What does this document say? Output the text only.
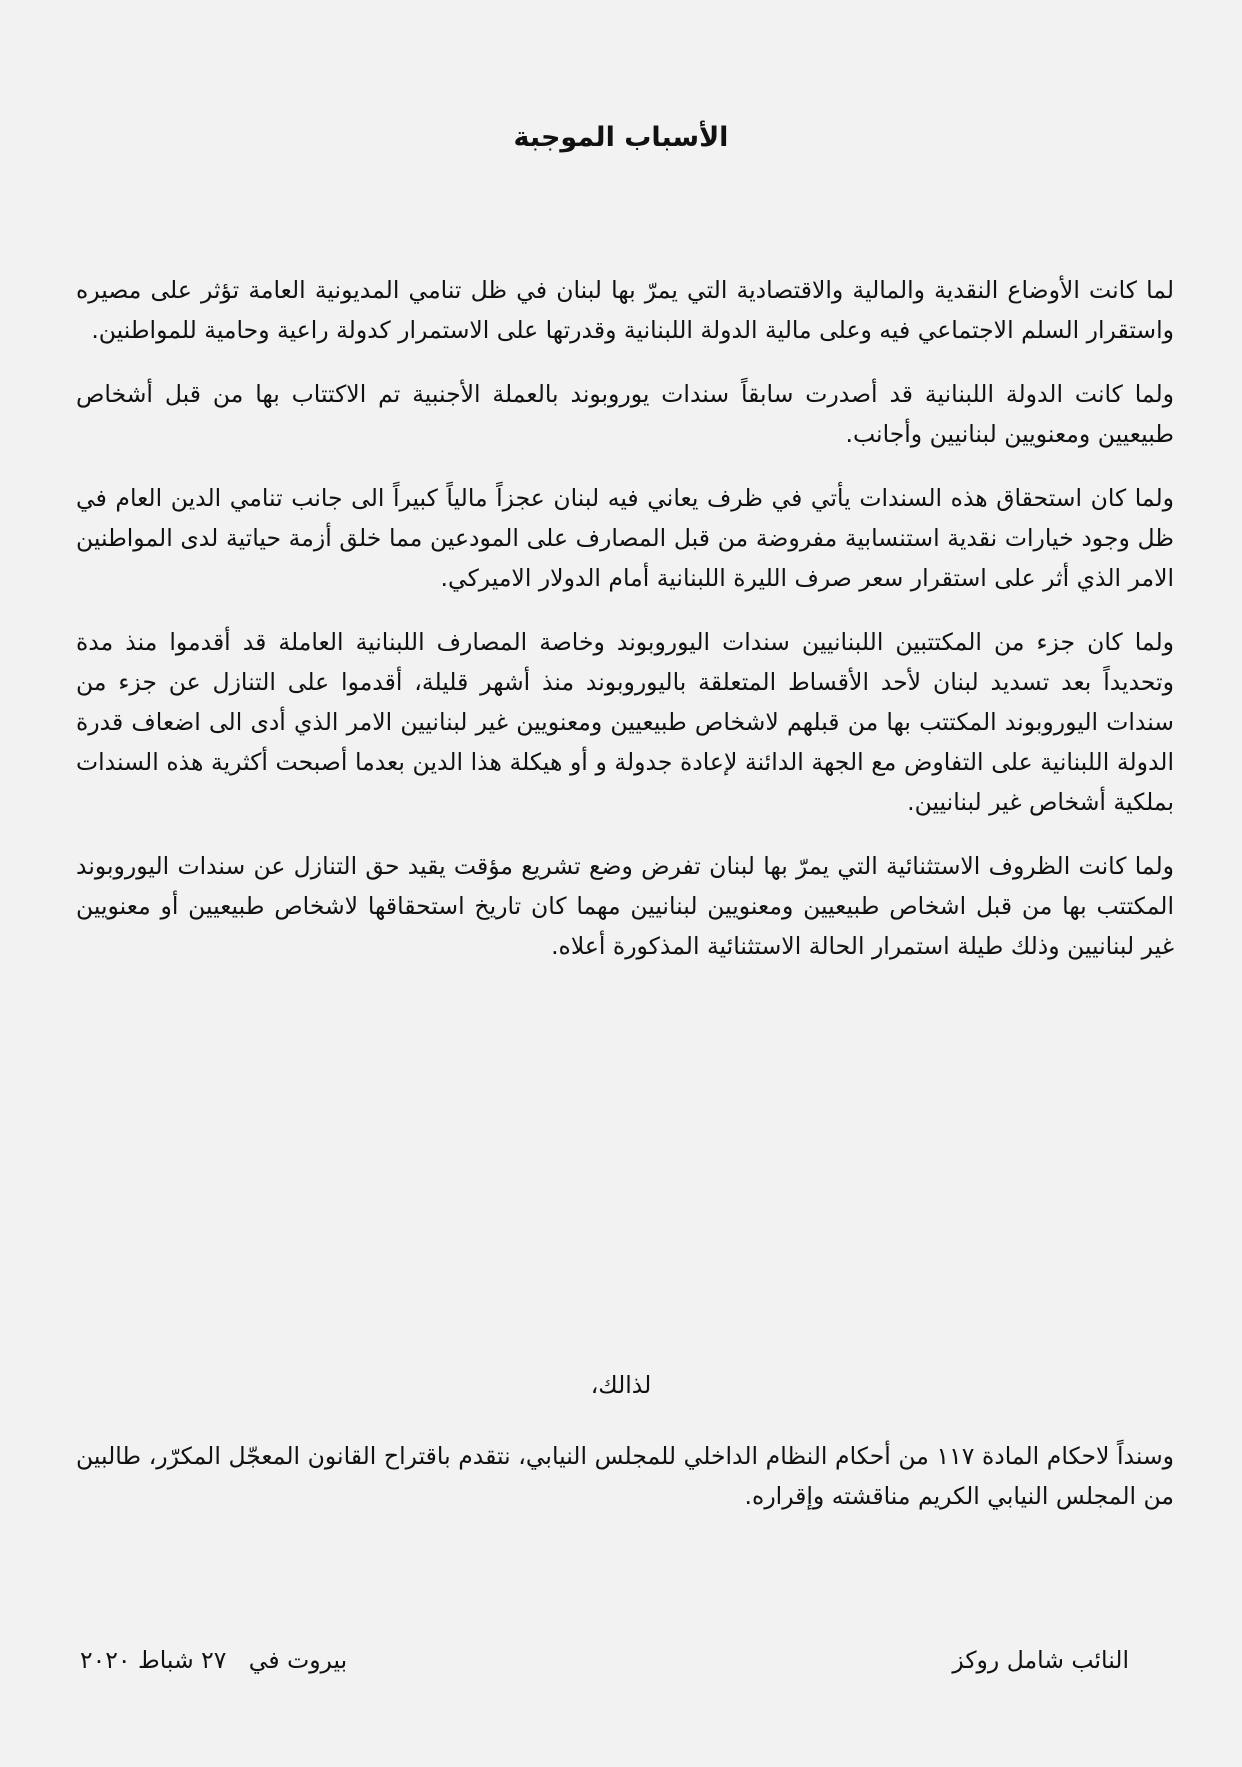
الأسباب الموجبة

لما كانت الأوضاع النقدية والمالية والاقتصادية التي يمرّ بها لبنان في ظل تنامي المديونية العامة تؤثر على مصيره واستقرار السلم الاجتماعي فيه وعلى مالية الدولة اللبنانية وقدرتها على الاستمرار كدولة راعية وحامية للمواطنين.

ولما كانت الدولة اللبنانية قد أصدرت سابقاً سندات يوروبوند بالعملة الأجنبية تم الاكتتاب بها من قبل أشخاص طبيعيين ومعنويين لبنانيين وأجانب.

ولما كان استحقاق هذه السندات يأتي في ظرف يعاني فيه لبنان عجزاً مالياً كبيراً الى جانب تنامي الدين العام في ظل وجود خيارات نقدية استنسابية مفروضة من قبل المصارف على المودعين مما خلق أزمة حياتية لدى المواطنين الامر الذي أثر على استقرار سعر صرف الليرة اللبنانية أمام الدولار الاميركي.

ولما كان جزء من المكتتبين اللبنانيين سندات اليوروبوند وخاصة المصارف اللبنانية العاملة قد أقدموا منذ مدة وتحديداً بعد تسديد لبنان لأحد الأقساط المتعلقة باليوروبوند منذ أشهر قليلة، أقدموا على التنازل عن جزء من سندات اليوروبوند المكتتب بها من قبلهم لاشخاص طبيعيين ومعنويين غير لبنانيين الامر الذي أدى الى اضعاف قدرة الدولة اللبنانية على التفاوض مع الجهة الدائنة لإعادة جدولة و أو هيكلة هذا الدين بعدما أصبحت أكثرية هذه السندات بملكية أشخاص غير لبنانيين.

ولما كانت الظروف الاستثنائية التي يمرّ بها لبنان تفرض وضع تشريع مؤقت يقيد حق التنازل عن سندات اليوروبوند المكتتب بها من قبل اشخاص طبيعيين ومعنويين لبنانيين مهما كان تاريخ استحقاقها لاشخاص طبيعيين أو معنويين غير لبنانيين وذلك طيلة استمرار الحالة الاستثنائية المذكورة أعلاه.

لذالك،

وسنداً لاحكام المادة ١١٧ من أحكام النظام الداخلي للمجلس النيابي، نتقدم باقتراح القانون المعجّل المكرّر، طالبين من المجلس النيابي الكريم مناقشته وإقراره.

النائب شامل روكز
بيروت في   ٢٧ شباط ٢٠٢٠
